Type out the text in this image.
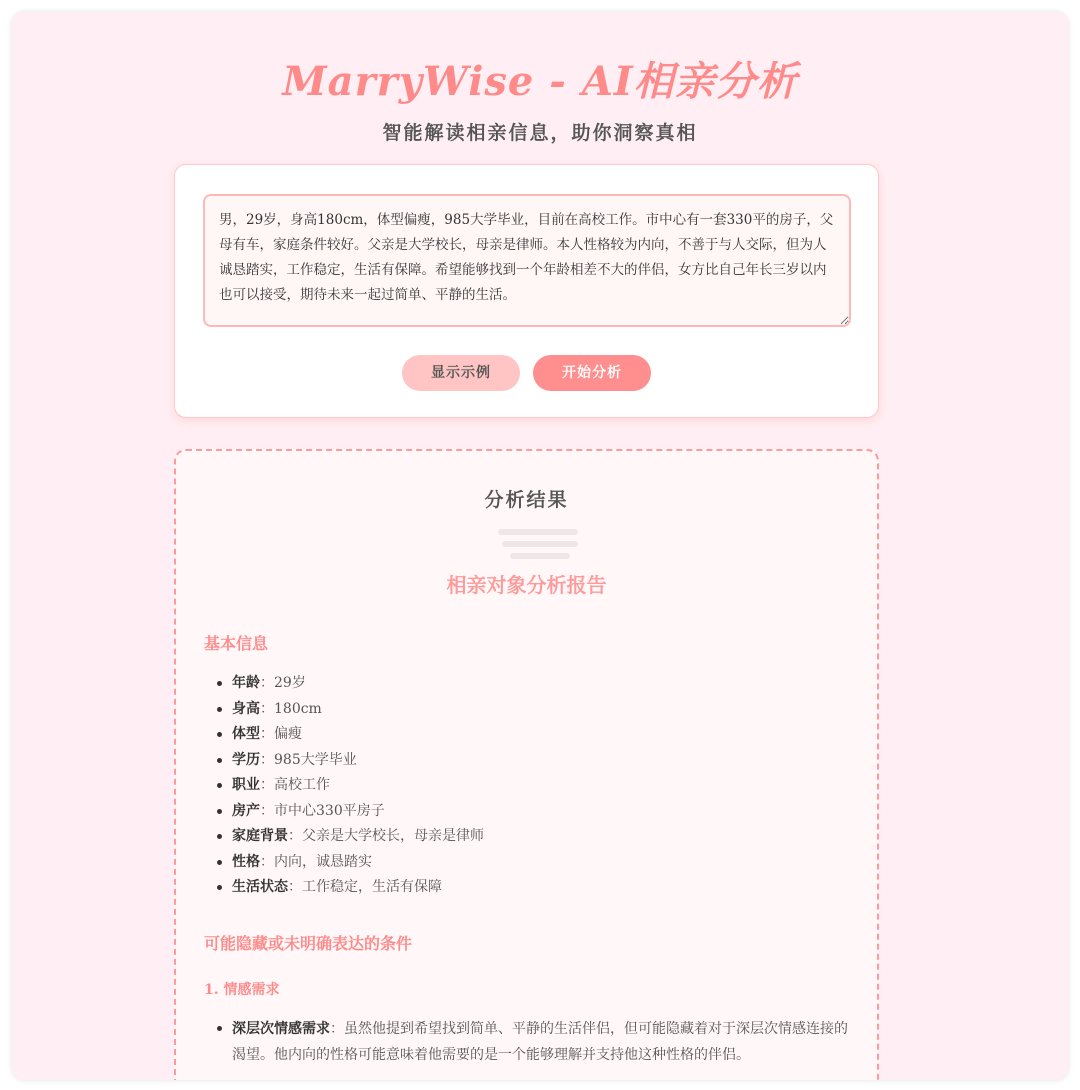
MarryWise - AI相亲分析
智能解读相亲信息，助你洞察真相
男，29岁，身高180cm，体型偏瘦，985大学毕业，目前在高校工作。市中心有一套330平的房子，父母有车，家庭条件较好。父亲是大学校长，母亲是律师。本人性格较为内向，不善于与人交际，但为人诚恳踏实，工作稳定，生活有保障。希望能够找到一个年龄相差不大的伴侣，女方比自己年长三岁以内也可以接受，期待未来一起过简单、平静的生活。
显示示例	开始分析
分析结果
相亲对象分析报告
基本信息
年龄：29岁
身高：180cm
体型：偏瘦
学历：985大学毕业
职业：高校工作
房产：市中心330平房子
家庭背景：父亲是大学校长，母亲是律师
性格：内向，诚恳踏实
生活状态：工作稳定，生活有保障
可能隐藏或未明确表达的条件
1. 情感需求
深层次情感需求：虽然他提到希望找到简单、平静的生活伴侣，但可能隐藏着对于深层次情感连接的渴望。他内向的性格可能意味着他需要的是一个能够理解并支持他这种性格的伴侣。
